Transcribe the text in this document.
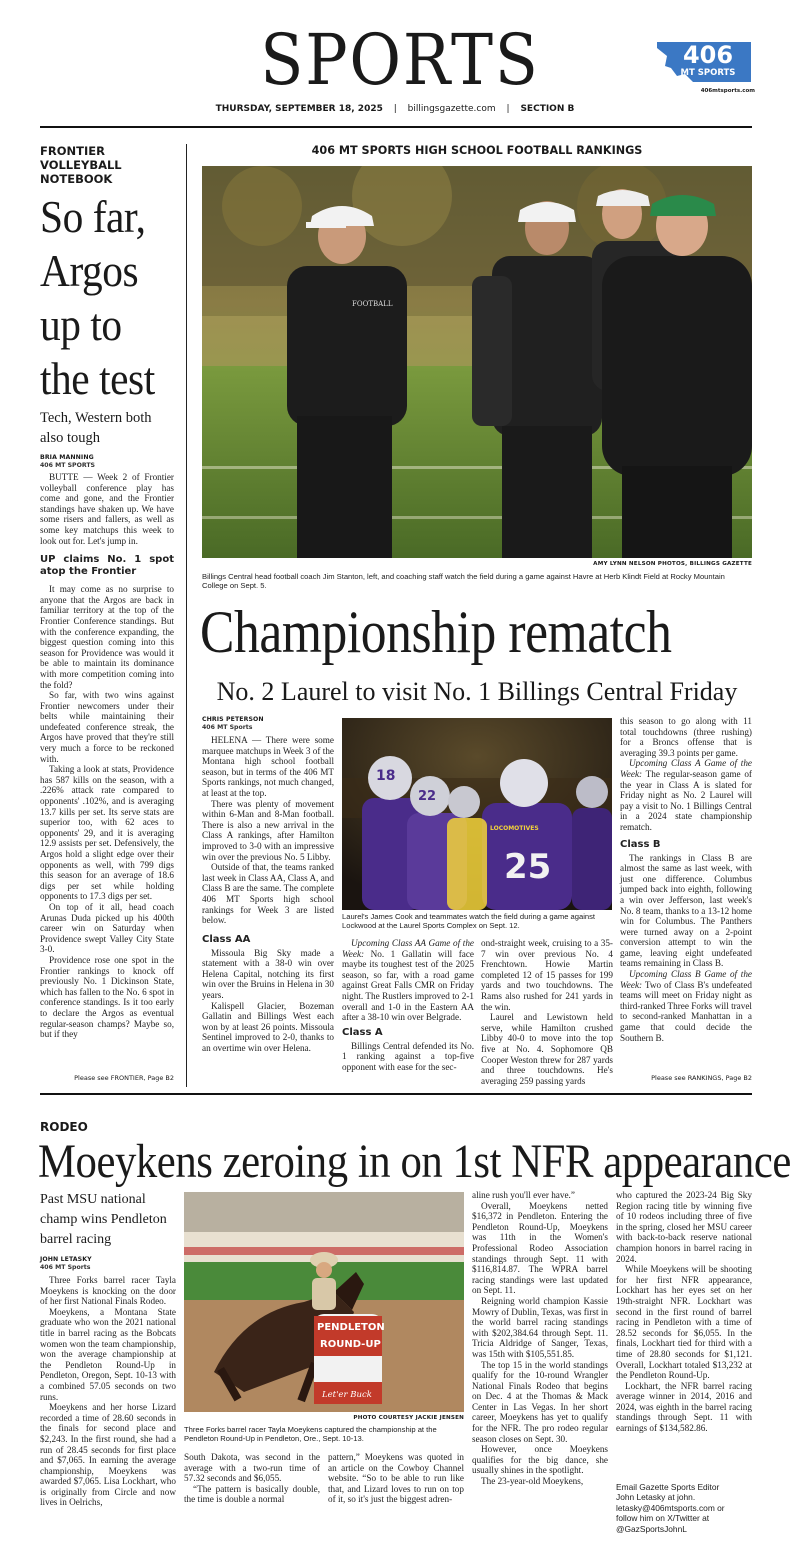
SPORTS
THURSDAY, SEPTEMBER 18, 2025 | billingsgazette.com | SECTION B
406
MT SPORTS
406mtsports.com
FRONTIER VOLLEYBALL NOTEBOOK
So far, Argos up to the test
Tech, Western both also tough
BRIA MANNING
406 MT SPORTS

BUTTE — Week 2 of Frontier volleyball conference play has come and gone, and the Frontier standings have shaken up. We have some risers and fallers, as well as some key matchups this week to look out for. Let's jump in.

UP claims No. 1 spot atop the Frontier

It may come as no surprise to anyone that the Argos are back in familiar territory at the top of the Frontier Conference standings. But with the conference expanding, the biggest question coming into this season for Providence was would it be able to maintain its dominance with more competition coming into the fold?

So far, with two wins against Frontier newcomers under their belts while maintaining their undefeated conference streak, the Argos have proved that they're still very much a force to be reckoned with.

Taking a look at stats, Providence has 587 kills on the season, with a .226% attack rate compared to opponents' .102%, and is averaging 13.7 kills per set. Its serve stats are superior too, with 62 aces to opponents' 29, and it is averaging 12.9 assists per set. Defensively, the Argos hold a slight edge over their opponents as well, with 799 digs this season for an average of 18.6 digs per set while holding opponents to 17.3 digs per set.

On top of it all, head coach Arunas Duda picked up his 400th career win on Saturday when Providence swept Valley City State 3-0.

Providence rose one spot in the Frontier rankings to knock off previously No. 1 Dickinson State, which has fallen to the No. 6 spot in conference standings. Is it too early to declare the Argos as eventual regular-season champs? Maybe so, but if they

Please see FRONTIER, Page B2
406 MT SPORTS HIGH SCHOOL FOOTBALL RANKINGS
FOOTBALL
AMY LYNN NELSON PHOTOS, BILLINGS GAZETTE
Billings Central head football coach Jim Stanton, left, and coaching staff watch the field during a game against Havre at Herb Klindt Field at Rocky Mountain College on Sept. 5.
Championship rematch
No. 2 Laurel to visit No. 1 Billings Central Friday
CHRIS PETERSON
406 MT Sports

HELENA — There were some marquee matchups in Week 3 of the Montana high school football season, but in terms of the 406 MT Sports rankings, not much changed, at least at the top.

There was plenty of movement within 6-Man and 8-Man football. There is also a new arrival in the Class A rankings, after Hamilton improved to 3-0 with an impressive win over the previous No. 5 Libby.

Outside of that, the teams ranked last week in Class AA, Class A, and Class B are the same. The complete 406 MT Sports high school rankings for Week 3 are listed below.

Class AA

Missoula Big Sky made a statement with a 38-0 win over Helena Capital, notching its first win over the Bruins in Helena in 30 years.

Kalispell Glacier, Bozeman Gallatin and Billings West each won by at least 26 points. Missoula Sentinel improved to 2-0, thanks to an overtime win over Helena.

18
22
LOCOMOTIVES
25
Laurel's James Cook and teammates watch the field during a game against Lockwood at the Laurel Sports Complex on Sept. 12.

Upcoming Class AA Game of the Week: No. 1 Gallatin will face maybe its toughest test of the 2025 season, so far, with a road game against Great Falls CMR on Friday night. The Rustlers improved to 2-1 overall and 1-0 in the Eastern AA after a 38-10 win over Belgrade.

Class A

Billings Central defended its No. 1 ranking against a top-five opponent with ease for the sec-

ond-straight week, cruising to a 35-7 win over previous No. 4 Frenchtown. Howie Martin completed 12 of 15 passes for 199 yards and two touchdowns. The Rams also rushed for 241 yards in the win.

Laurel and Lewistown held serve, while Hamilton crushed Libby 40-0 to move into the top five at No. 4. Sophomore QB Cooper Weston threw for 287 yards and three touchdowns. He's averaging 259 passing yards

this season to go along with 11 total touchdowns (three rushing) for a Broncs offense that is averaging 39.3 points per game.

Upcoming Class A Game of the Week: The regular-season game of the year in Class A is slated for Friday night as No. 2 Laurel will pay a visit to No. 1 Billings Central in a 2024 state championship rematch.

Class B

The rankings in Class B are almost the same as last week, with just one difference. Columbus jumped back into eighth, following a win over Jefferson, last week's No. 8 team, thanks to a 13-12 home win for Columbus. The Panthers were turned away on a 2-point conversion attempt to win the game, leaving eight undefeated teams remaining in Class B.

Upcoming Class B Game of the Week: Two of Class B's undefeated teams will meet on Friday night as third-ranked Three Forks will travel to second-ranked Manhattan in a game that could decide the Southern B.

Please see RANKINGS, Page B2
RODEO
Moeykens zeroing in on 1st NFR appearance
Past MSU national champ wins Pendleton barrel racing
JOHN LETASKY
406 MT Sports

Three Forks barrel racer Tayla Moeykens is knocking on the door of her first National Finals Rodeo.

Moeykens, a Montana State graduate who won the 2021 national title in barrel racing as the Bobcats women won the team championship, won the average championship at the Pendleton Round-Up in Pendleton, Oregon, Sept. 10-13 with a combined 57.05 seconds on two runs.

Moeykens and her horse Lizard recorded a time of 28.60 seconds in the finals for second place and $2,243. In the first round, she had a run of 28.45 seconds for first place and $7,065. In earning the average championship, Moeykens was awarded $7,065. Lisa Lockhart, who is originally from Circle and now lives in Oelrichs,

PENDLETON
ROUND-UP
Let'er Buck
PHOTO COURTESY JACKIE JENSEN
Three Forks barrel racer Tayla Moeykens captured the championship at the Pendleton Round-Up in Pendleton, Ore., Sept. 10-13.

South Dakota, was second in the average with a two-run time of 57.32 seconds and $6,055.

“The pattern is basically double, the time is double a normal

pattern,” Moeykens was quoted in an article on the Cowboy Channel website. “So to be able to run like that, and Lizard loves to run on top of it, so it's just the biggest adren-

aline rush you'll ever have.”

Overall, Moeykens netted $16,372 in Pendleton. Entering the Pendleton Round-Up, Moeykens was 11th in the Women's Professional Rodeo Association standings through Sept. 11 with $116,814.87. The WPRA barrel racing standings were last updated on Sept. 11.

Reigning world champion Kassie Mowry of Dublin, Texas, was first in the world barrel racing standings with $202,384.64 through Sept. 11. Tricia Aldridge of Sanger, Texas, was 15th with $105,551.85.

The top 15 in the world standings qualify for the 10-round Wrangler National Finals Rodeo that begins on Dec. 4 at the Thomas & Mack Center in Las Vegas. In her short career, Moeykens has yet to qualify for the NFR. The pro rodeo regular season closes on Sept. 30.

However, once Moeykens qualifies for the big dance, she usually shines in the spotlight.

The 23-year-old Moeykens,

who captured the 2023-24 Big Sky Region racing title by winning five of 10 rodeos including three of five in the spring, closed her MSU career with back-to-back reserve national champion honors in barrel racing in 2024.

While Moeykens will be shooting for her first NFR appearance, Lockhart has her eyes set on her 19th-straight NFR. Lockhart was second in the first round of barrel racing in Pendleton with a time of 28.52 seconds for $6,055. In the finals, Lockhart tied for third with a time of 28.80 seconds for $1,121. Overall, Lockhart totaled $13,232 at the Pendleton Round-Up.

Lockhart, the NFR barrel racing average winner in 2014, 2016 and 2024, was eighth in the barrel racing standings through Sept. 11 with earnings of $134,582.86.

Email Gazette Sports Editor
John Letasky at john.
letasky@406mtsports.com or
follow him on X/Twitter at
@GazSportsJohnL
